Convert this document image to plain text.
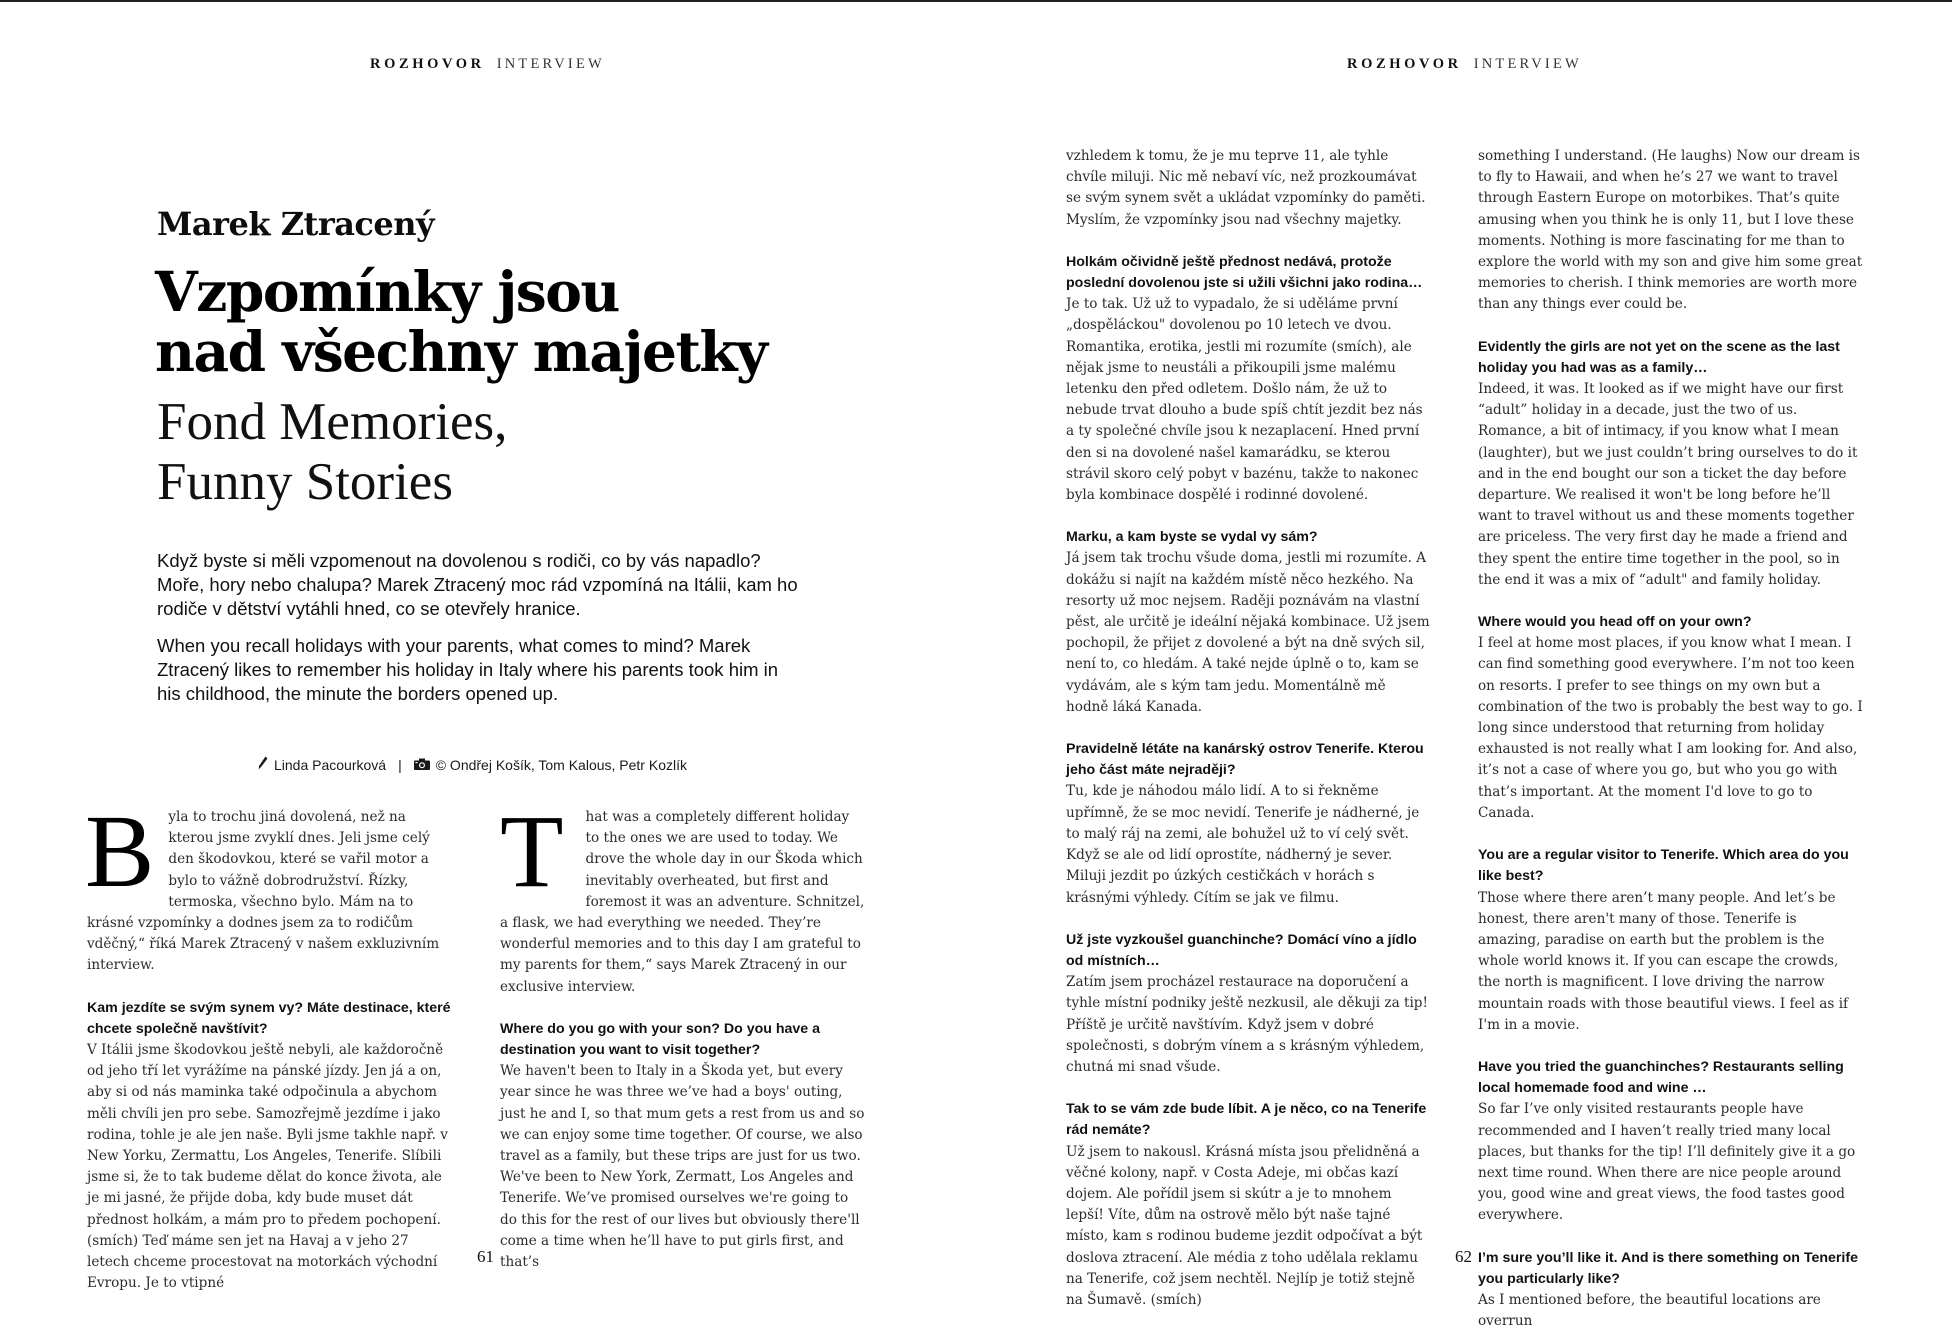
ROZHOVOR INTERVIEW	ROZHOVOR INTERVIEW
Marek Ztracený
Vzpomínky jsou
nad všechny majetky
Fond Memories,
Funny Stories

Když byste si měli vzpomenout na dovolenou s rodiči, co by vás napadlo? Moře, hory nebo chalupa? Marek Ztracený moc rád vzpomíná na Itálii, kam ho rodiče v dětství vytáhli hned, co se otevřely hranice.

When you recall holidays with your parents, what comes to mind? Marek Ztracený likes to remember his holiday in Italy where his parents took him in his childhood, the minute the borders opened up.

Linda Pacourková | © Ondřej Košík, Tom Kalous, Petr Kozlík

B yla to trochu jiná dovolená, než na kterou jsme zvyklí dnes. Jeli jsme celý den škodovkou, které se vařil motor a bylo to vážně dobrodružství. Řízky, termoska, všechno bylo. Mám na to krásné vzpomínky a dodnes jsem za to rodičům vděčný,“ říká Marek Ztracený v našem exkluzivním interview.

Kam jezdíte se svým synem vy? Máte destinace, které chcete společně navštívit?

V Itálii jsme škodovkou ještě nebyli, ale každoročně od jeho tří let vyrážíme na pánské jízdy. Jen já a on, aby si od nás maminka také odpočinula a abychom měli chvíli jen pro sebe. Samozřejmě jezdíme i jako rodina, tohle je ale jen naše. Byli jsme takhle např. v New Yorku, Zermattu, Los Angeles, Tenerife. Slíbili jsme si, že to tak budeme dělat do konce života, ale je mi jasné, že přijde doba, kdy bude muset dát přednost holkám, a mám pro to předem pochopení. (smích) Teď máme sen jet na Havaj a v jeho 27 letech chceme procestovat na motorkách východní Evropu. Je to vtipné

T hat was a completely different holiday to the ones we are used to today. We drove the whole day in our Škoda which inevitably overheated, but first and foremost it was an adventure. Schnitzel, a flask, we had everything we needed. They’re wonderful memories and to this day I am grateful to my parents for them,“ says Marek Ztracený in our exclusive interview.

Where do you go with your son? Do you have a destination you want to visit together?

We haven't been to Italy in a Škoda yet, but every year since he was three we’ve had a boys' outing, just he and I, so that mum gets a rest from us and so we can enjoy some time together. Of course, we also travel as a family, but these trips are just for us two. We've been to New York, Zermatt, Los Angeles and Tenerife. We’ve promised ourselves we're going to do this for the rest of our lives but obviously there'll come a time when he’ll have to put girls first, and that’s

vzhledem k tomu, že je mu teprve 11, ale tyhle chvíle miluji. Nic mě nebaví víc, než prozkoumávat se svým synem svět a ukládat vzpomínky do paměti. Myslím, že vzpomínky jsou nad všechny majetky.

Holkám očividně ještě přednost nedává, protože poslední dovolenou jste si užili všichni jako rodina…

Je to tak. Už už to vypadalo, že si uděláme první „dospěláckou" dovolenou po 10 letech ve dvou. Romantika, erotika, jestli mi rozumíte (smích), ale nějak jsme to neustáli a přikoupili jsme malému letenku den před odletem. Došlo nám, že už to nebude trvat dlouho a bude spíš chtít jezdit bez nás a ty společné chvíle jsou k nezaplacení. Hned první den si na dovolené našel kamarádku, se kterou strávil skoro celý pobyt v bazénu, takže to nakonec byla kombinace dospělé i rodinné dovolené.

Marku, a kam byste se vydal vy sám?

Já jsem tak trochu všude doma, jestli mi rozumíte. A dokážu si najít na každém místě něco hezkého. Na resorty už moc nejsem. Raději poznávám na vlastní pěst, ale určitě je ideální nějaká kombinace. Už jsem pochopil, že přijet z dovolené a být na dně svých sil, není to, co hledám. A také nejde úplně o to, kam se vydávám, ale s kým tam jedu. Momentálně mě hodně láká Kanada.

Pravidelně létáte na kanárský ostrov Tenerife. Kterou jeho část máte nejraději?

Tu, kde je náhodou málo lidí. A to si řekněme upřímně, že se moc nevidí. Tenerife je nádherné, je to malý ráj na zemi, ale bohužel už to ví celý svět. Když se ale od lidí oprostíte, nádherný je sever. Miluji jezdit po úzkých cestičkách v horách s krásnými výhledy. Cítím se jak ve filmu.

Už jste vyzkoušel guanchinche? Domácí víno a jídlo od místních…

Zatím jsem procházel restaurace na doporučení a tyhle místní podniky ještě nezkusil, ale děkuji za tip! Příště je určitě navštívím. Když jsem v dobré společnosti, s dobrým vínem a s krásným výhledem, chutná mi snad všude.

Tak to se vám zde bude líbit. A je něco, co na Tenerife rád nemáte?

Už jsem to nakousl. Krásná místa jsou přelidněná a věčné kolony, např. v Costa Adeje, mi občas kazí dojem. Ale pořídil jsem si skútr a je to mnohem lepší! Víte, dům na ostrově mělo být naše tajné místo, kam s rodinou budeme jezdit odpočívat a být doslova ztracení. Ale média z toho udělala reklamu na Tenerife, což jsem nechtěl. Nejlíp je totiž stejně na Šumavě. (smích)

something I understand. (He laughs) Now our dream is to fly to Hawaii, and when he’s 27 we want to travel through Eastern Europe on motorbikes. That’s quite amusing when you think he is only 11, but I love these moments. Nothing is more fascinating for me than to explore the world with my son and give him some great memories to cherish. I think memories are worth more than any things ever could be.

Evidently the girls are not yet on the scene as the last holiday you had was as a family…

Indeed, it was. It looked as if we might have our first “adult” holiday in a decade, just the two of us. Romance, a bit of intimacy, if you know what I mean (laughter), but we just couldn’t bring ourselves to do it and in the end bought our son a ticket the day before departure. We realised it won't be long before he’ll want to travel without us and these moments together are priceless. The very first day he made a friend and they spent the entire time together in the pool, so in the end it was a mix of “adult" and family holiday.

Where would you head off on your own?

I feel at home most places, if you know what I mean. I can find something good everywhere. I’m not too keen on resorts. I prefer to see things on my own but a combination of the two is probably the best way to go. I long since understood that returning from holiday exhausted is not really what I am looking for. And also, it’s not a case of where you go, but who you go with that’s important. At the moment I'd love to go to Canada.

You are a regular visitor to Tenerife. Which area do you like best?

Those where there aren’t many people. And let’s be honest, there aren't many of those. Tenerife is amazing, paradise on earth but the problem is the whole world knows it. If you can escape the crowds, the north is magnificent. I love driving the narrow mountain roads with those beautiful views. I feel as if I'm in a movie.

Have you tried the guanchinches? Restaurants selling local homemade food and wine …

So far I’ve only visited restaurants people have recommended and I haven’t really tried many local places, but thanks for the tip! I’ll definitely give it a go next time round. When there are nice people around you, good wine and great views, the food tastes good everywhere.

I’m sure you’ll like it. And is there something on Tenerife you particularly like?

As I mentioned before, the beautiful locations are overrun

61	62
